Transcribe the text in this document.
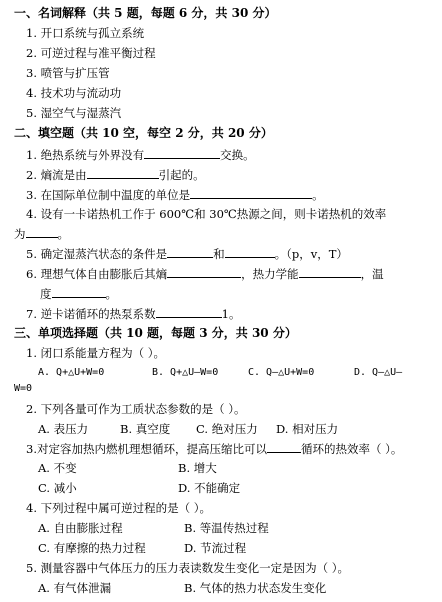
一、名词解释（共 5 题，每题 6 分，共 30 分）
1. 开口系统与孤立系统
2. 可逆过程与准平衡过程
3. 喷管与扩压管
4. 技术功与流动功
5. 湿空气与湿蒸汽
二、填空题（共 10 空，每空 2 分，共 20 分）
1. 绝热系统与外界没有	交换。
2. 熵流是由	引起的。
3. 在国际单位制中温度的单位是	。
4. 设有一卡诺热机工作于 600℃和 30℃热源之间，则卡诺热机的效率
为	。
5. 确定湿蒸汽状态的条件是	和	。（p，v，T）
6. 理想气体自由膨胀后其熵	，热力学能	，温
度	。
7. 逆卡诺循环的热泵系数	1。
三、单项选择题（共 10 题，每题 3 分，共 30 分）
1. 闭口系能量方程为（ ）。
A. Q+△U+W=0	B. Q+△U—W=0	C. Q—△U+W=0	D. Q—△U—
W=0
2. 下列各量可作为工质状态参数的是（ ）。
A. 表压力	B. 真空度 C. 绝对压力 D. 相对压力
3.对定容加热内燃机理想循环，提高压缩比可以	循环的热效率（ ）。
A. 不变	B. 增大
C. 减小	D. 不能确定
4. 下列过程中属可逆过程的是（ ）。
A. 自由膨胀过程	B. 等温传热过程
C. 有摩擦的热力过程	D. 节流过程
5. 测量容器中气体压力的压力表读数发生变化一定是因为（ ）。
A. 有气体泄漏	B. 气体的热力状态发生变化
